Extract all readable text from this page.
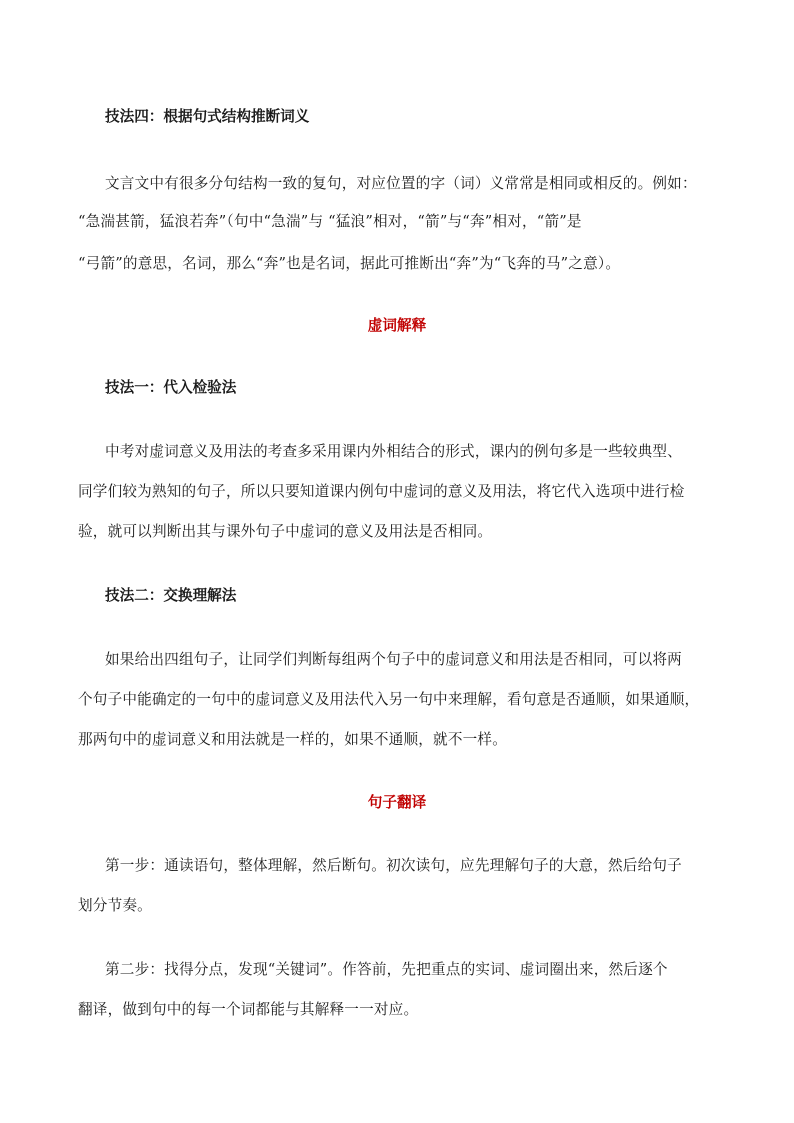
技法四：根据句式结构推断词义
文言文中有很多分句结构一致的复句，对应位置的字（词）义常常是相同或相反的。例如：
“急湍甚箭，猛浪若奔”（句中“急湍”与 “猛浪”相对，“箭”与“奔”相对，“箭”是
“弓箭”的意思，名词，那么“奔”也是名词，据此可推断出“奔”为“飞奔的马”之意）。
虚词解释
技法一：代入检验法
中考对虚词意义及用法的考查多采用课内外相结合的形式，课内的例句多是一些较典型、
同学们较为熟知的句子，所以只要知道课内例句中虚词的意义及用法，将它代入选项中进行检
验，就可以判断出其与课外句子中虚词的意义及用法是否相同。
技法二：交换理解法
如果给出四组句子，让同学们判断每组两个句子中的虚词意义和用法是否相同，可以将两
个句子中能确定的一句中的虚词意义及用法代入另一句中来理解，看句意是否通顺，如果通顺，
那两句中的虚词意义和用法就是一样的，如果不通顺，就不一样。
句子翻译
第一步：通读语句，整体理解，然后断句。初次读句，应先理解句子的大意，然后给句子
划分节奏。
第二步：找得分点，发现“关键词”。作答前，先把重点的实词、虚词圈出来，然后逐个
翻译，做到句中的每一个词都能与其解释一一对应。
